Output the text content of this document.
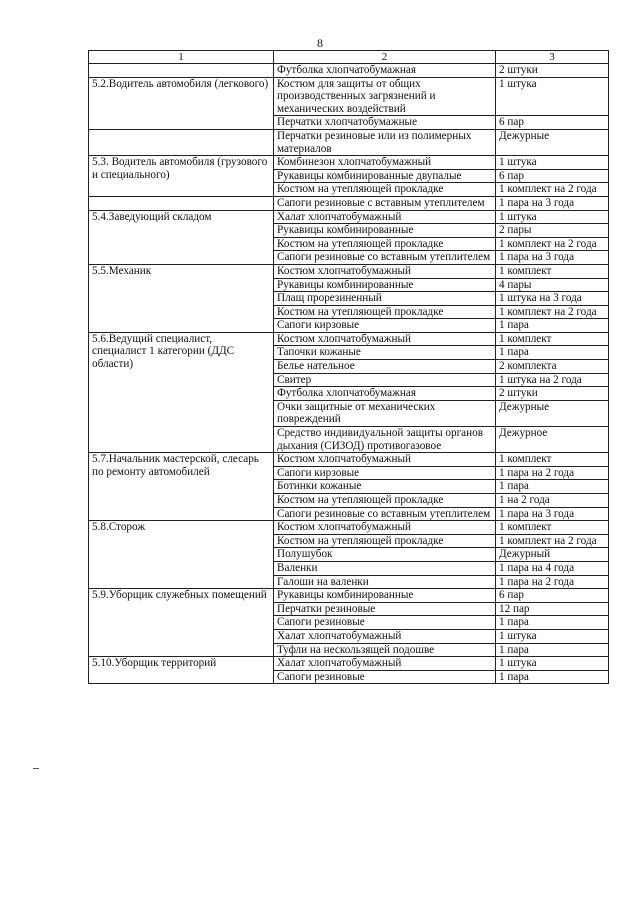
8
1	2	3
	Футболка хлопчатобумажная	2 штуки
5.2.Водитель автомобиля (легкового)	Костюм для защиты от общих производственных загрязнений и механических воздействий	1 штука
	Перчатки хлопчатобумажные	6 пар
	Перчатки резиновые или из полимерных материалов	Дежурные
5.3. Водитель автомобиля (грузового и специального)	Комбинезон хлопчатобумажный	1 штука
	Рукавицы комбинированные двупалые	6 пар
	Костюм на утепляющей прокладке	1 комплект на 2 года
	Сапоги резиновые с вставным утеплителем	1 пара на 3 года
5.4.Заведующий складом	Халат хлопчатобумажный	1 штука
	Рукавицы комбинированные	2 пары
	Костюм на утепляющей прокладке	1 комплект на 2 года
	Сапоги резиновые со вставным утеплителем	1 пара на 3 года
5.5.Механик	Костюм хлопчатобумажный	1 комплект
	Рукавицы комбинированные	4 пары
	Плащ прорезиненный	1 штука на 3 года
	Костюм на утепляющей прокладке	1 комплект на 2 года
	Сапоги кирзовые	1 пара
5.6.Ведущий специалист, специалист 1 категории (ДДС области)	Костюм хлопчатобумажный	1 комплект
	Тапочки кожаные	1 пара
	Белье нательное	2 комплекта
	Свитер	1 штука на 2 года
	Футболка хлопчатобумажная	2 штуки
	Очки защитные от механических повреждений	Дежурные
	Средство индивидуальной защиты органов дыхания (СИЗОД) противогазовое	Дежурное
5.7.Начальник мастерской, слесарь по ремонту автомобилей	Костюм хлопчатобумажный	1 комплект
	Сапоги кирзовые	1 пара на 2 года
	Ботинки кожаные	1 пара
	Костюм на утепляющей прокладке	1 на 2 года
	Сапоги резиновые со вставным утеплителем	1 пара на 3 года
5.8.Сторож	Костюм хлопчатобумажный	1 комплект
	Костюм на утепляющей прокладке	1 комплект на 2 года
	Полушубок	Дежурный
	Валенки	1 пара на 4 года
	Галоши на валенки	1 пара на 2 года
5.9.Уборщик служебных помещений	Рукавицы комбинированные	6 пар
	Перчатки резиновые	12 пар
	Сапоги резиновые	1 пара
	Халат хлопчатобумажный	1 штука
	Туфли на нескользящей подошве	1 пара
5.10.Уборщик территорий	Халат хлопчатобумажный	1 штука
	Сапоги резиновые	1 пара
